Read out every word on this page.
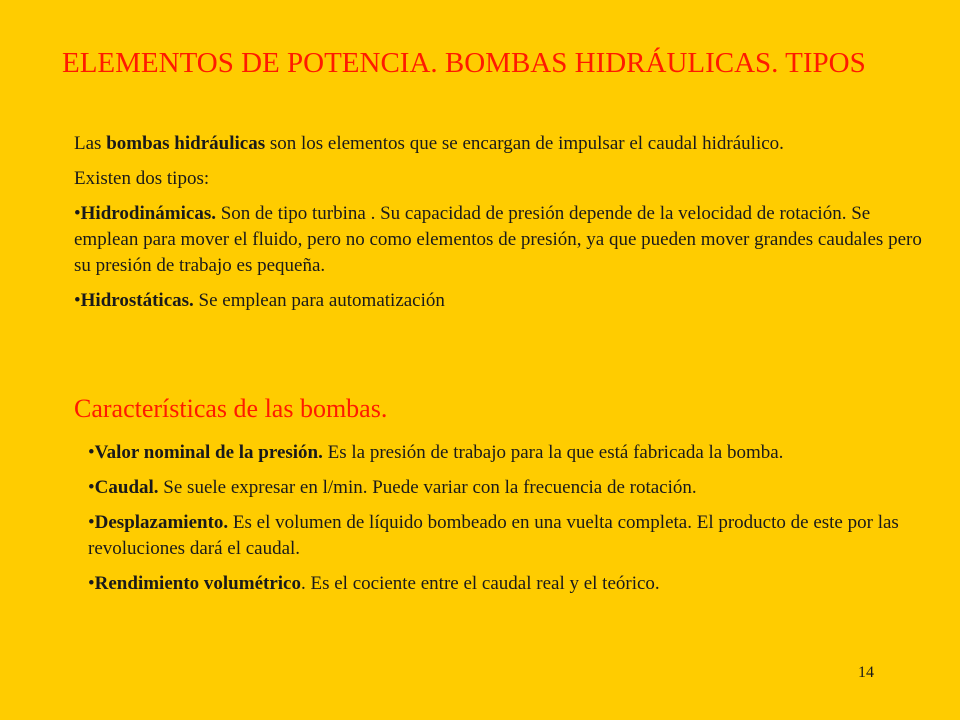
ELEMENTOS DE POTENCIA. BOMBAS HIDRÁULICAS. TIPOS

Las bombas hidráulicas son los elementos que se encargan de impulsar el caudal hidráulico.

Existen dos tipos:

•Hidrodinámicas. Son de tipo turbina . Su capacidad de presión depende de la velocidad de rotación. Se emplean para mover el fluido, pero no como elementos de presión, ya que pueden mover grandes caudales pero su presión de trabajo es pequeña.

•Hidrostáticas. Se emplean para automatización

Características de las bombas.

•Valor nominal de la presión. Es la presión de trabajo para la que está fabricada la bomba.

•Caudal. Se suele expresar en l/min. Puede variar con la frecuencia de rotación.

•Desplazamiento. Es el volumen de líquido bombeado en una vuelta completa. El producto de este por las revoluciones dará el caudal.

•Rendimiento volumétrico. Es el cociente entre el caudal real y el teórico.

14
